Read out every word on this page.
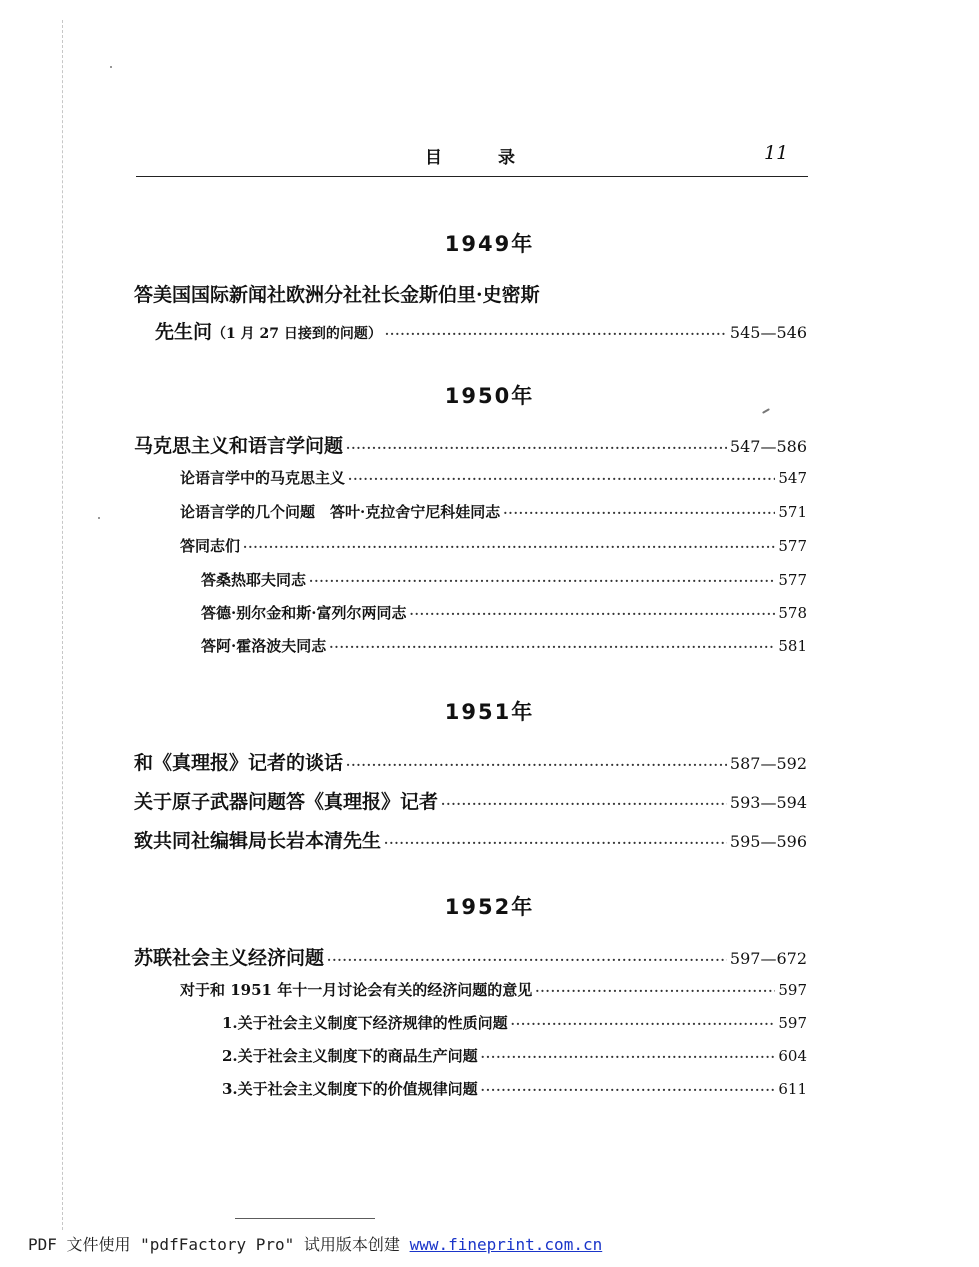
目	录	11
1949年
答美国国际新闻社欧洲分社社长金斯伯里·史密斯
先生问 （1 月 27 日接到的问题） ·····	545—546
1950年
马克思主义和语言学问题 ·····	547—586
论语言学中的马克思主义 ·····	547
论语言学的几个问题　答叶·克拉舍宁尼科娃同志 ·····	571
答同志们 ·····	577
答桑热耶夫同志 ·····	577
答德·别尔金和斯·富列尔两同志 ·····	578
答阿·霍洛波夫同志 ·····	581
1951年
和《真理报》记者的谈话 ·····	587—592
关于原子武器问题答《真理报》记者 ·····	593—594
致共同社编辑局长岩本清先生 ·····	595—596
1952年
苏联社会主义经济问题 ·····	597—672
对于和 1951 年十一月讨论会有关的经济问题的意见 ·····	597
1.关于社会主义制度下经济规律的性质问题 ·····	597
2.关于社会主义制度下的商品生产问题 ·····	604
3.关于社会主义制度下的价值规律问题 ·····	611
PDF 文件使用 "pdfFactory Pro" 试用版本创建 www.fineprint.com.cn
